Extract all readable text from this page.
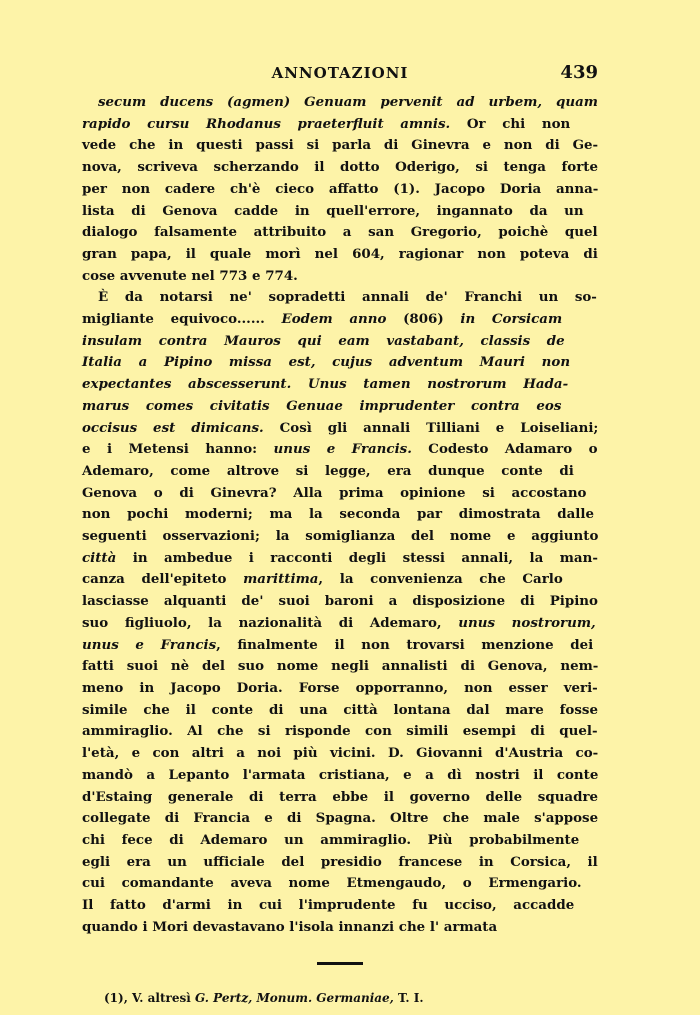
ANNOTAZIONI	439
secum ducens (agmen) Genuam pervenit ad urbem, quam
rapido cursu Rhodanus praeterfluit amnis. Or chi non
vede che in questi passi si parla di Ginevra e non di Ge-
nova, scriveva scherzando il dotto Oderigo, si tenga forte
per non cadere ch'è cieco affatto (1). Jacopo Doria anna-
lista di Genova cadde in quell'errore, ingannato da un
dialogo falsamente attribuito a san Gregorio, poichè quel
gran papa, il quale morì nel 604, ragionar non poteva di
cose avvenute nel 773 e 774.
È da notarsi ne' sopradetti annali de' Franchi un so-
migliante equivoco...... Eodem anno (806) in Corsicam
insulam contra Mauros qui eam vastabant, classis de
Italia a Pipino missa est, cujus adventum Mauri non
expectantes abscesserunt. Unus tamen nostrorum Hada-
marus comes civitatis Genuae imprudenter contra eos
occisus est dimicans. Così gli annali Tilliani e Loiseliani;
e i Metensi hanno: unus e Francis. Codesto Adamaro o
Ademaro, come altrove si legge, era dunque conte di
Genova o di Ginevra? Alla prima opinione si accostano
non pochi moderni; ma la seconda par dimostrata dalle
seguenti osservazioni; la somiglianza del nome e aggiunto
città in ambedue i racconti degli stessi annali, la man-
canza dell'epiteto marittima, la convenienza che Carlo
lasciasse alquanti de' suoi baroni a disposizione di Pipino
suo figliuolo, la nazionalità di Ademaro, unus nostrorum,
unus e Francis, finalmente il non trovarsi menzione dei
fatti suoi nè del suo nome negli annalisti di Genova, nem-
meno in Jacopo Doria. Forse opporranno, non esser veri-
simile che il conte di una città lontana dal mare fosse
ammiraglio. Al che si risponde con simili esempi di quel-
l'età, e con altri a noi più vicini. D. Giovanni d'Austria co-
mandò a Lepanto l'armata cristiana, e a dì nostri il conte
d'Estaing generale di terra ebbe il governo delle squadre
collegate di Francia e di Spagna. Oltre che male s'appose
chi fece di Ademaro un ammiraglio. Più probabilmente
egli era un ufficiale del presidio francese in Corsica, il
cui comandante aveva nome Etmengaudo, o Ermengario.
Il fatto d'armi in cui l'imprudente fu ucciso, accadde
quando i Mori devastavano l'isola innanzi che l' armata
(1), V. altresì G. Pertz, Monum. Germaniae, T. I.
